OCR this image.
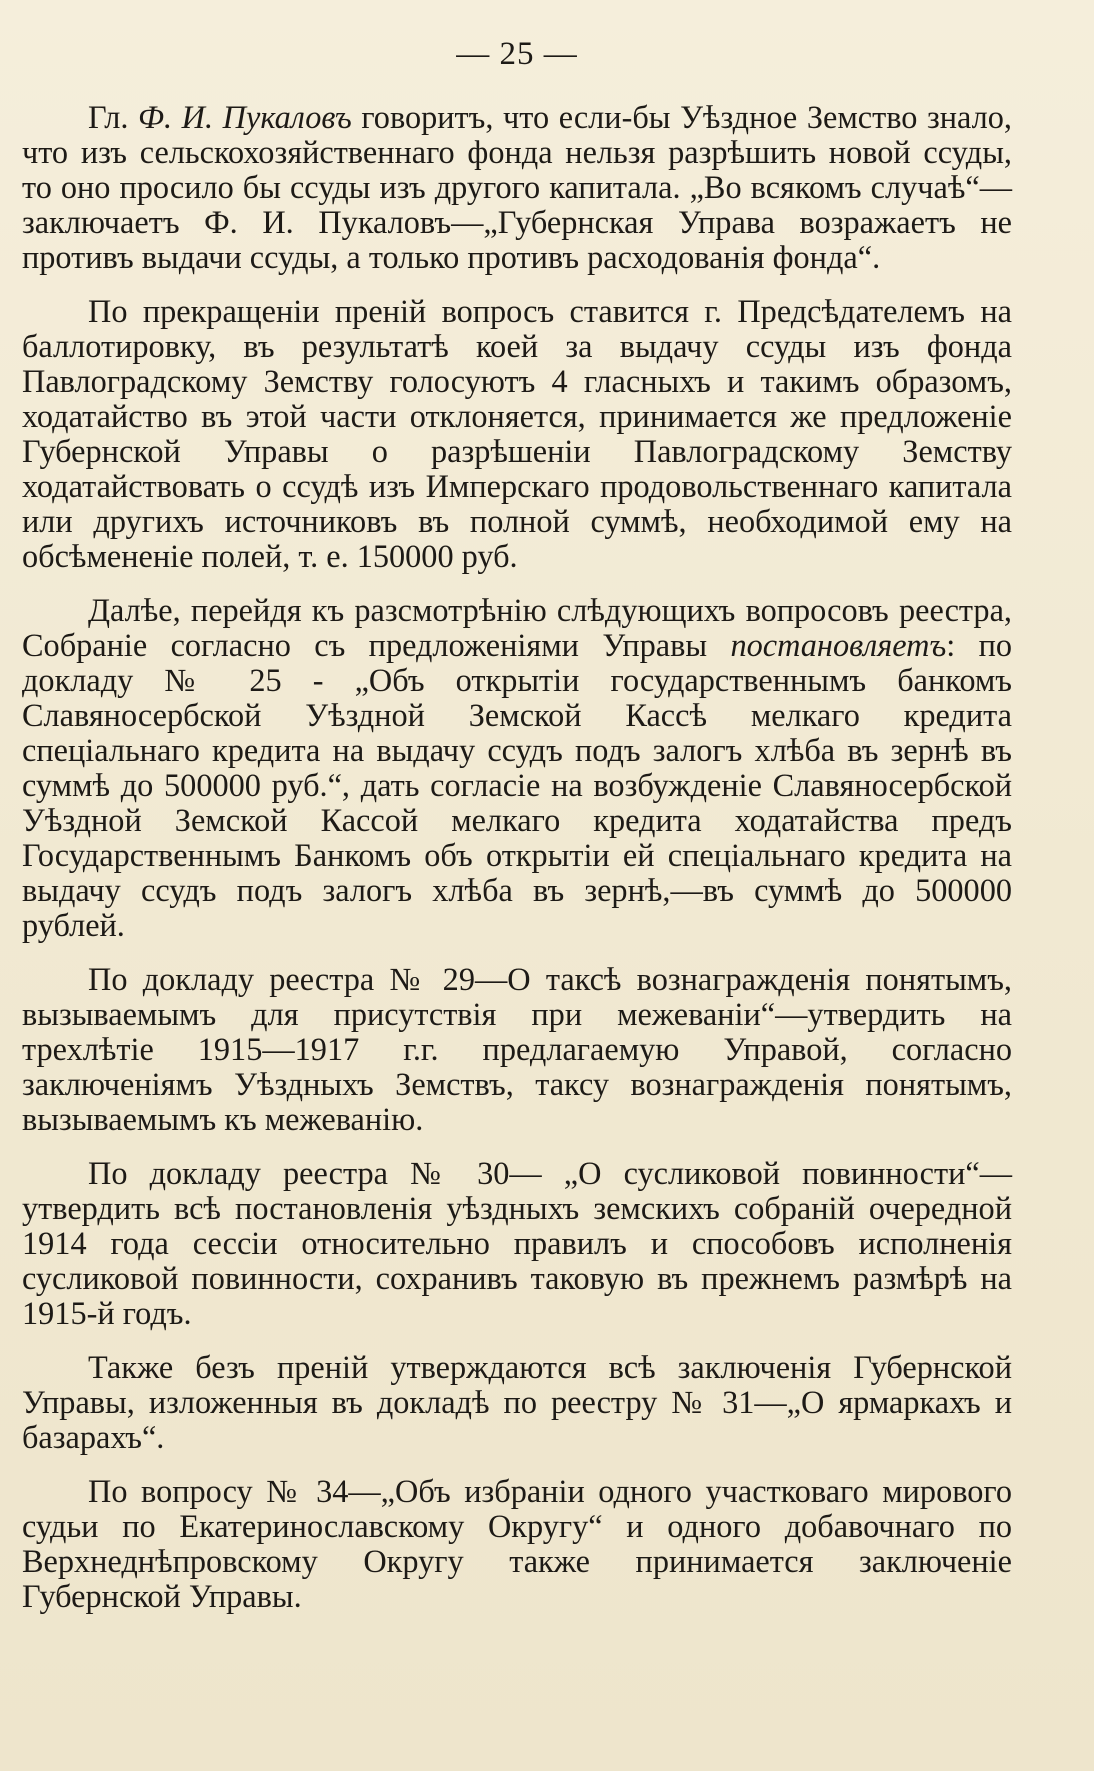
— 25 —

Гл. Ф. И. Пукаловъ говоритъ, что если-бы Уѣздное Земство знало, что изъ сельскохозяйственнаго фонда нельзя разрѣшить новой ссуды, то оно просило бы ссуды изъ другого капитала. „Во всякомъ случаѣ“—заключаетъ Ф. И. Пукаловъ—„Губернская Управа возражаетъ не противъ выдачи ссуды, а только противъ расходованія фонда“.

По прекращеніи преній вопросъ ставится г. Предсѣдателемъ на баллотировку, въ результатѣ коей за выдачу ссуды изъ фонда Павлоградскому Земству голосуютъ 4 гласныхъ и такимъ образомъ, ходатайство въ этой части отклоняется, принимается же предложеніе Губернской Управы о разрѣшеніи Павлоградскому Земству ходатайствовать о ссудѣ изъ Имперскаго продовольственнаго капитала или другихъ источниковъ въ полной суммѣ, необходимой ему на обсѣмененіе полей, т. е. 150000 руб.

Далѣе, перейдя къ разсмотрѣнію слѣдующихъ вопросовъ реестра, Собраніе согласно съ предложеніями Управы постановляетъ: по докладу № 25 - „Объ открытіи государственнымъ банкомъ Славяносербской Уѣздной Земской Кассѣ мелкаго кредита спеціальнаго кредита на выдачу ссудъ подъ залогъ хлѣба въ зернѣ въ суммѣ до 500000 руб.“, дать согласіе на возбужденіе Славяносербской Уѣздной Земской Кассой мелкаго кредита ходатайства предъ Государственнымъ Банкомъ объ открытіи ей спеціальнаго кредита на выдачу ссудъ подъ залогъ хлѣба въ зернѣ,—въ суммѣ до 500000 рублей.

По докладу реестра № 29—О таксѣ вознагражденія понятымъ, вызываемымъ для присутствія при межеваніи“—утвердить на трехлѣтіе 1915—1917 г.г. предлагаемую Управой, согласно заключеніямъ Уѣздныхъ Земствъ, таксу вознагражденія понятымъ, вызываемымъ къ межеванію.

По докладу реестра № 30— „О сусликовой повинности“—утвердить всѣ постановленія уѣздныхъ земскихъ собраній очередной 1914 года сессіи относительно правилъ и способовъ исполненія сусликовой повинности, сохранивъ таковую въ прежнемъ размѣрѣ на 1915-й годъ.

Также безъ преній утверждаются всѣ заключенія Губернской Управы, изложенныя въ докладѣ по реестру № 31—„О ярмаркахъ и базарахъ“.

По вопросу № 34—„Объ избраніи одного участковаго мирового судьи по Екатеринославскому Округу“ и одного добавочнаго по Верхнеднѣпровскому Округу также принимается заключеніе Губернской Управы.
